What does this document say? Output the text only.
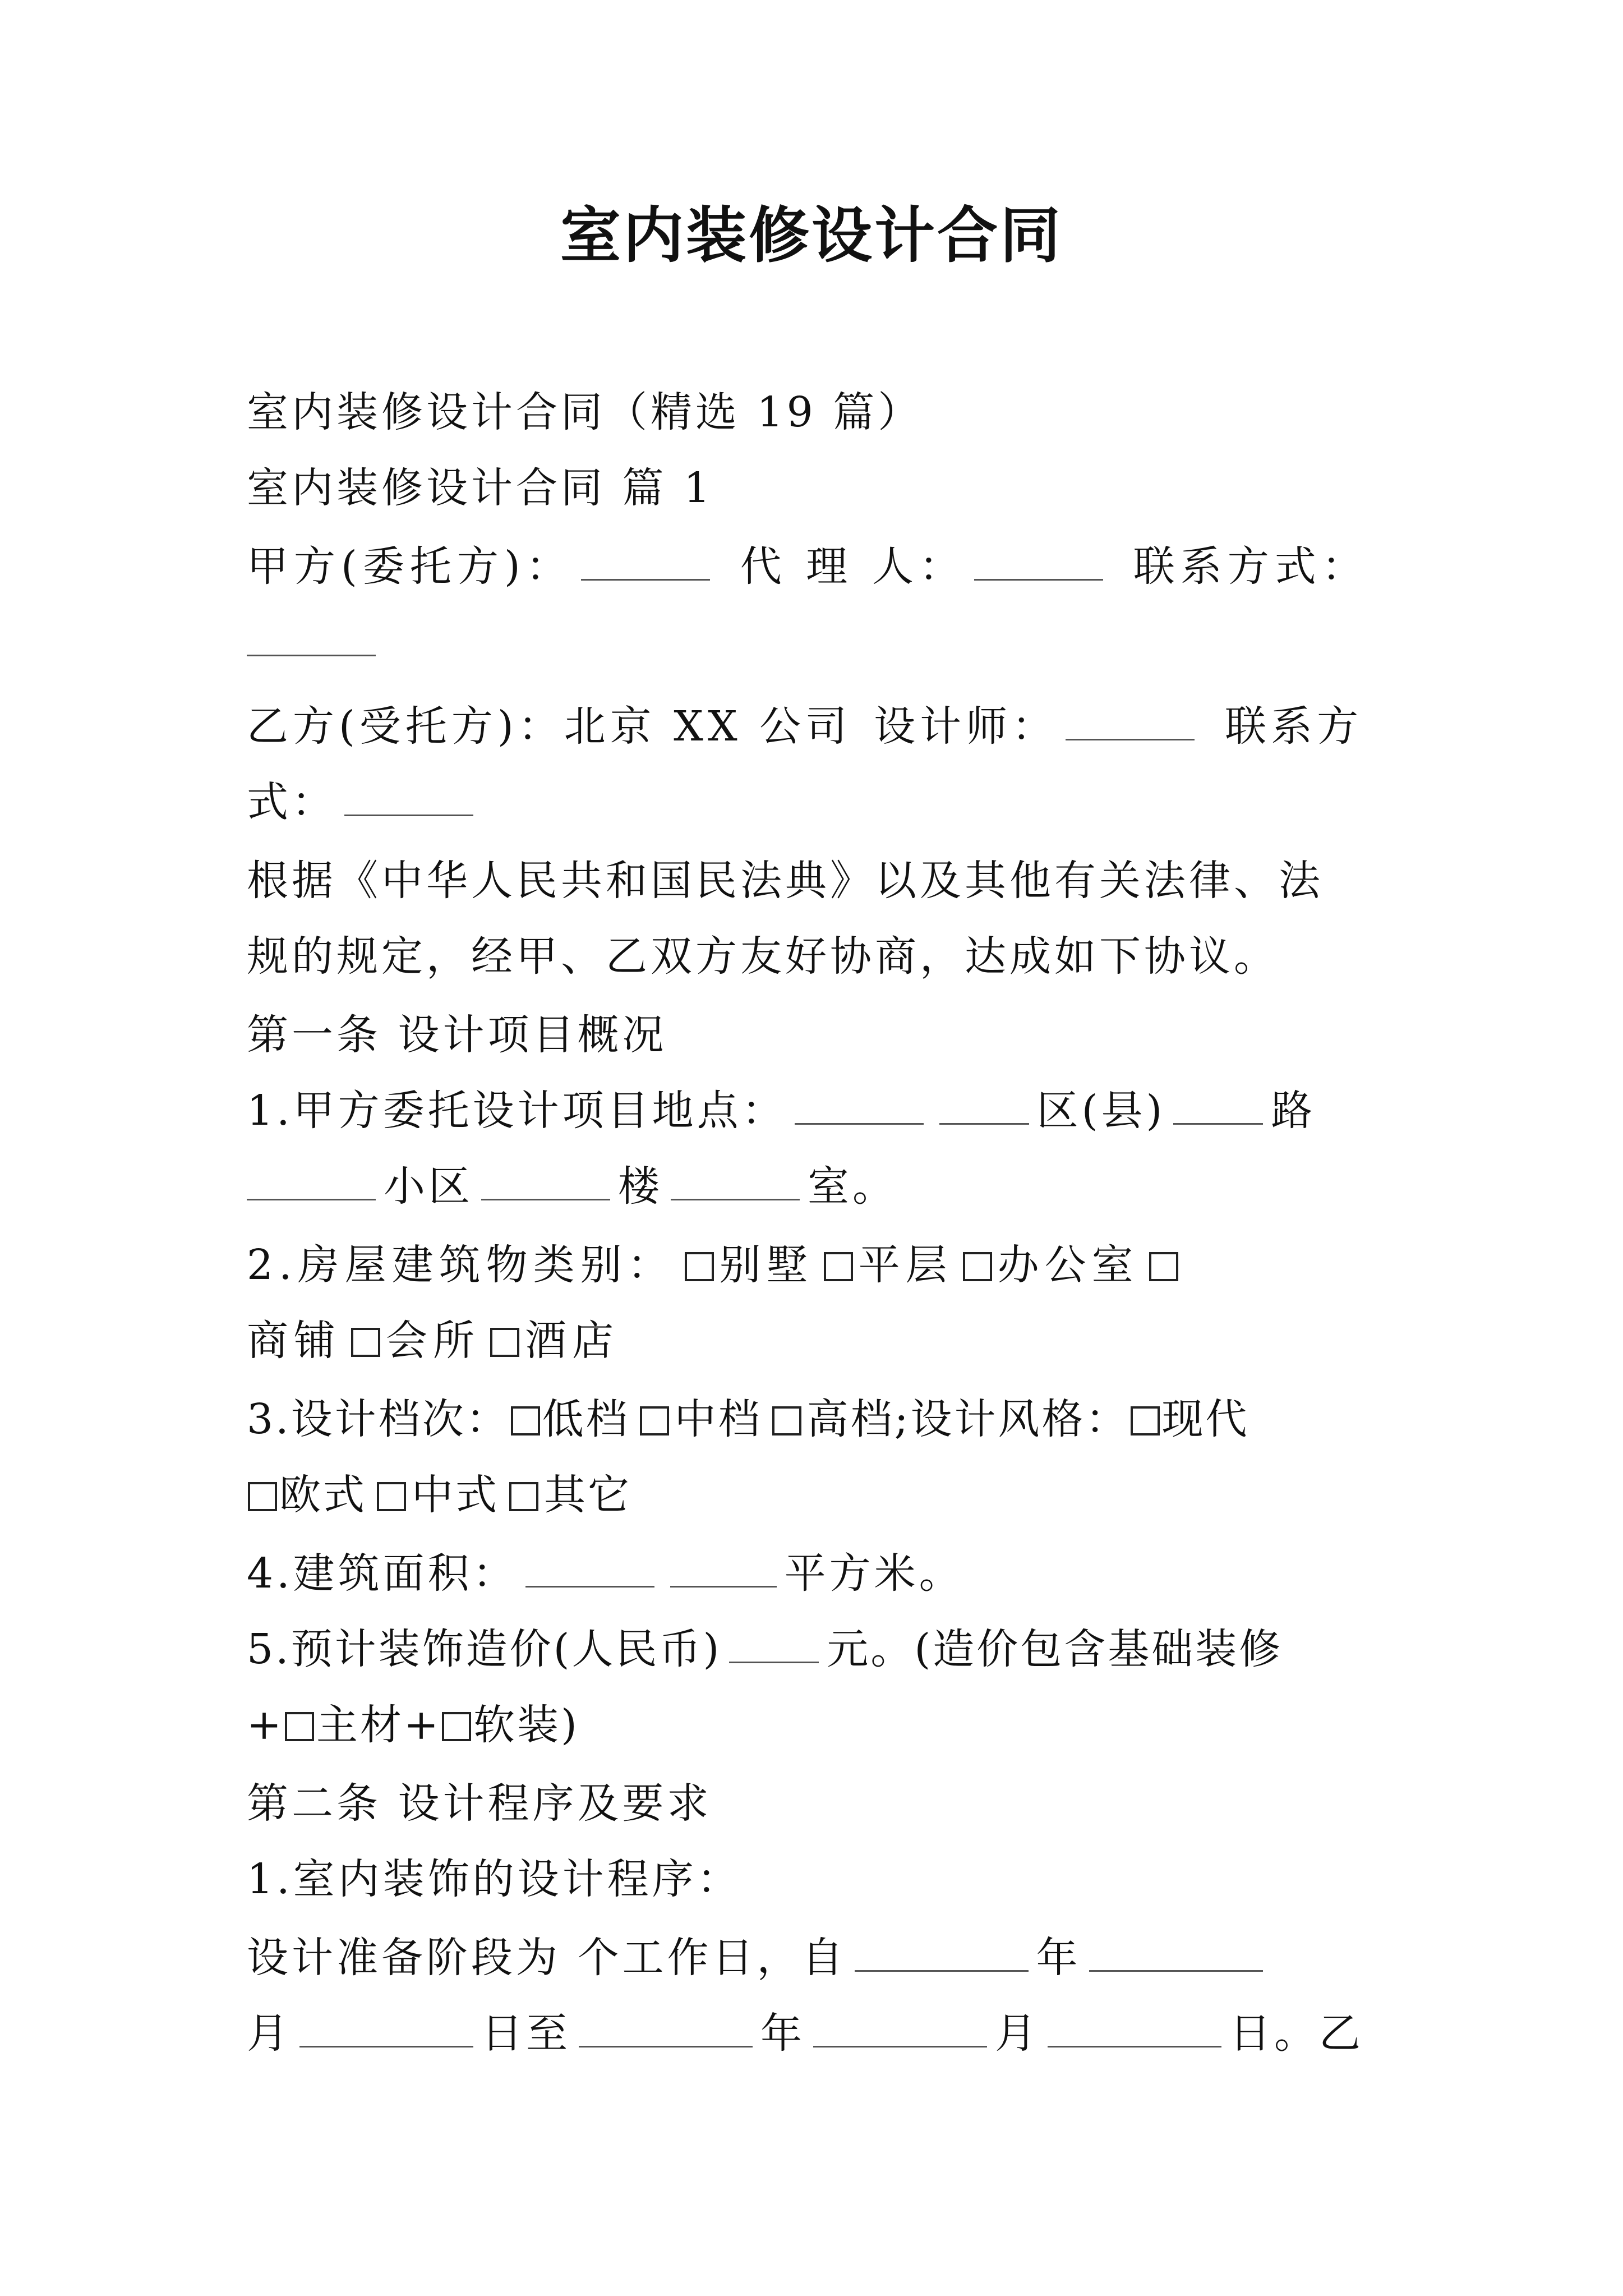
室内装修设计合同
室内装修设计合同（精选 19 篇）
室内装修设计合同 篇 1
甲方(委托方)：	代 理 人：	联系方式：
乙方(受托方)：北京 XX 公司 设计师：	联系方
式：
根据《中华人民共和国民法典》以及其他有关法律、法
规的规定，经甲、乙双方友好协商，达成如下协议。
第一条 设计项目概况
1.甲方委托设计项目地点：	区(县)	路
小区	楼	室。
2.房屋建筑物类别： 别墅 平层 办公室
商铺 会所 酒店
3.设计档次： 低档 中档 高档;设计风格： 现代
欧式 中式 其它
4.建筑面积：	平方米。
5.预计装饰造价(人民币)	元。(造价包含基础装修
+ 主材+ 软装)
第二条 设计程序及要求
1.室内装饰的设计程序：
设计准备阶段为 个工作日，自	年
月	日至	年	月	日。乙
